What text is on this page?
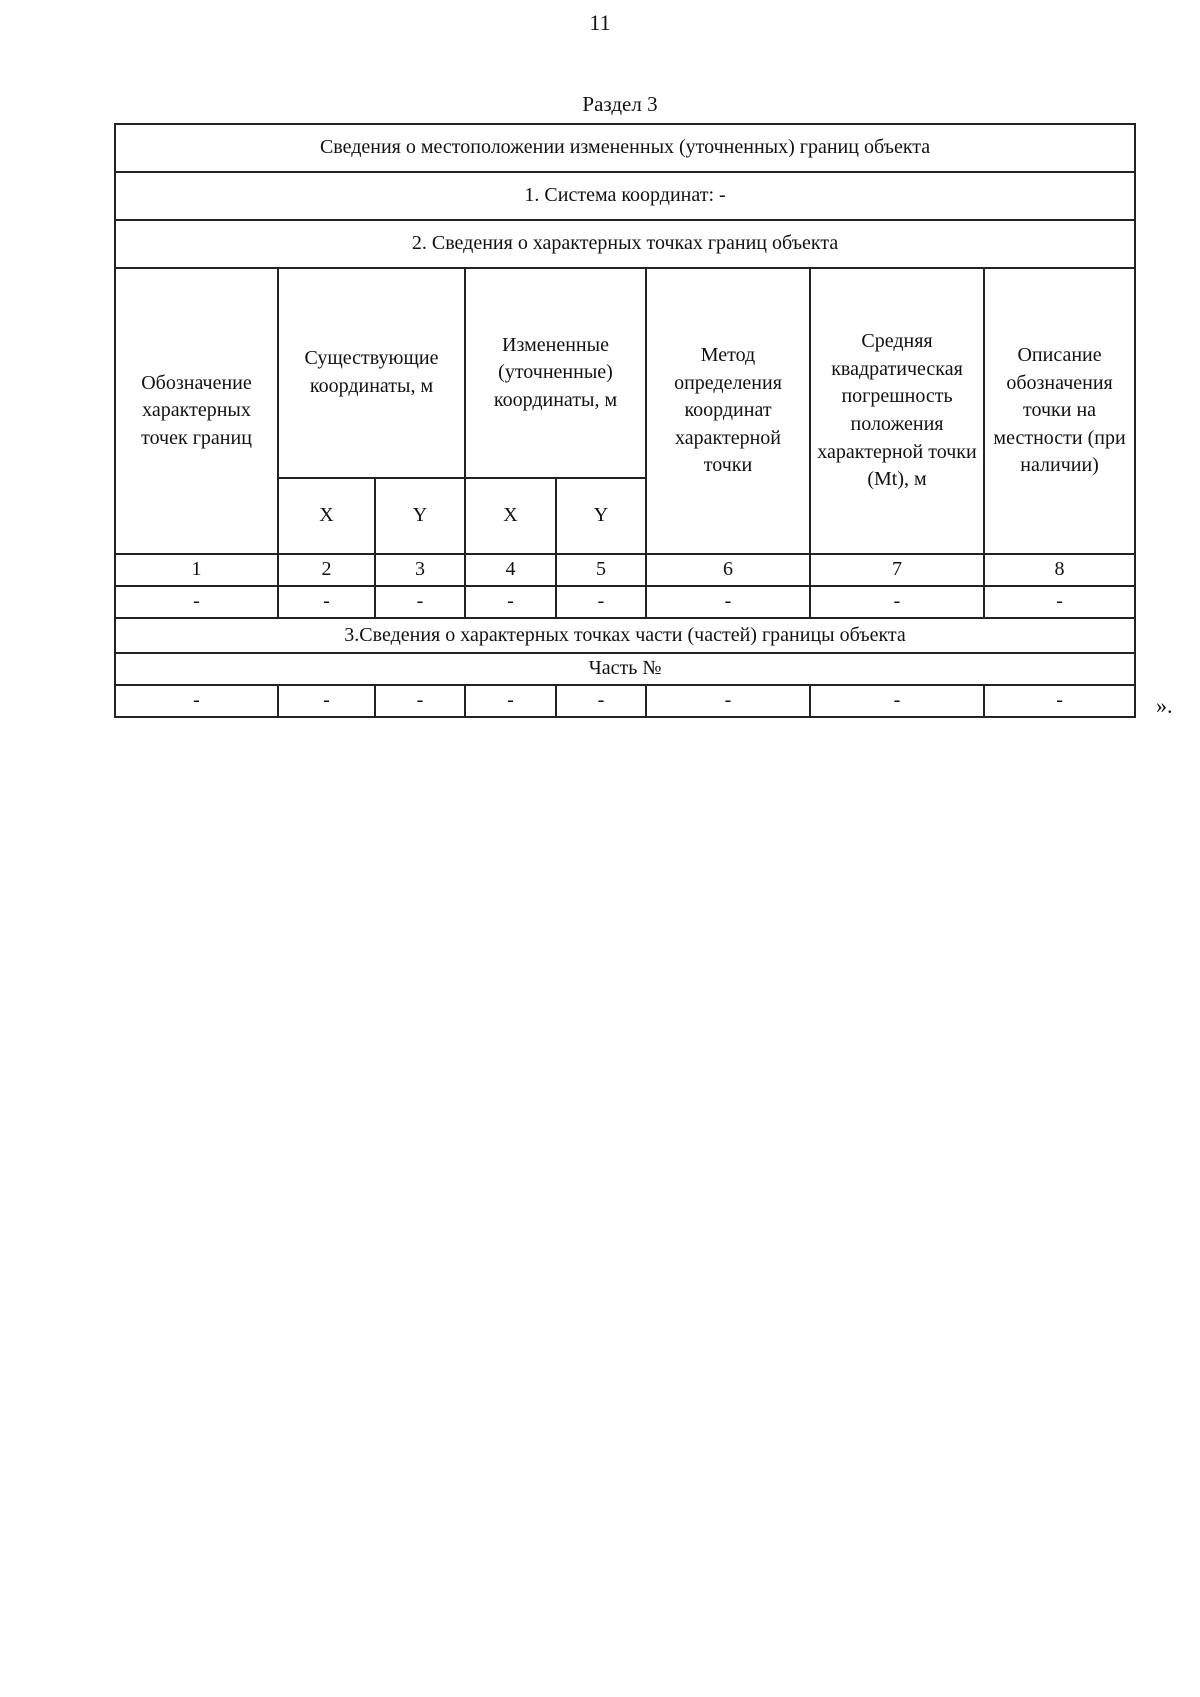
11
Раздел 3
Сведения о местоположении измененных (уточненных) границ объекта							
1. Система координат: -							
2. Сведения о характерных точках границ объекта							
Обозначение характерных точек границ	Существующие координаты, м		Измененные (уточненные) координаты, м		Метод определения координат характерной точки	Средняя квадратическая погрешность положения характерной точки (Mt), м	Описание обозначения точки на местности (при наличии)
	X	Y	X	Y			
1	2	3	4	5	6	7	8
-	-	-	-	-	-	-	-
3.Сведения о характерных точках части (частей) границы объекта							
Часть №							
-	-	-	-	-	-	-	-	».
